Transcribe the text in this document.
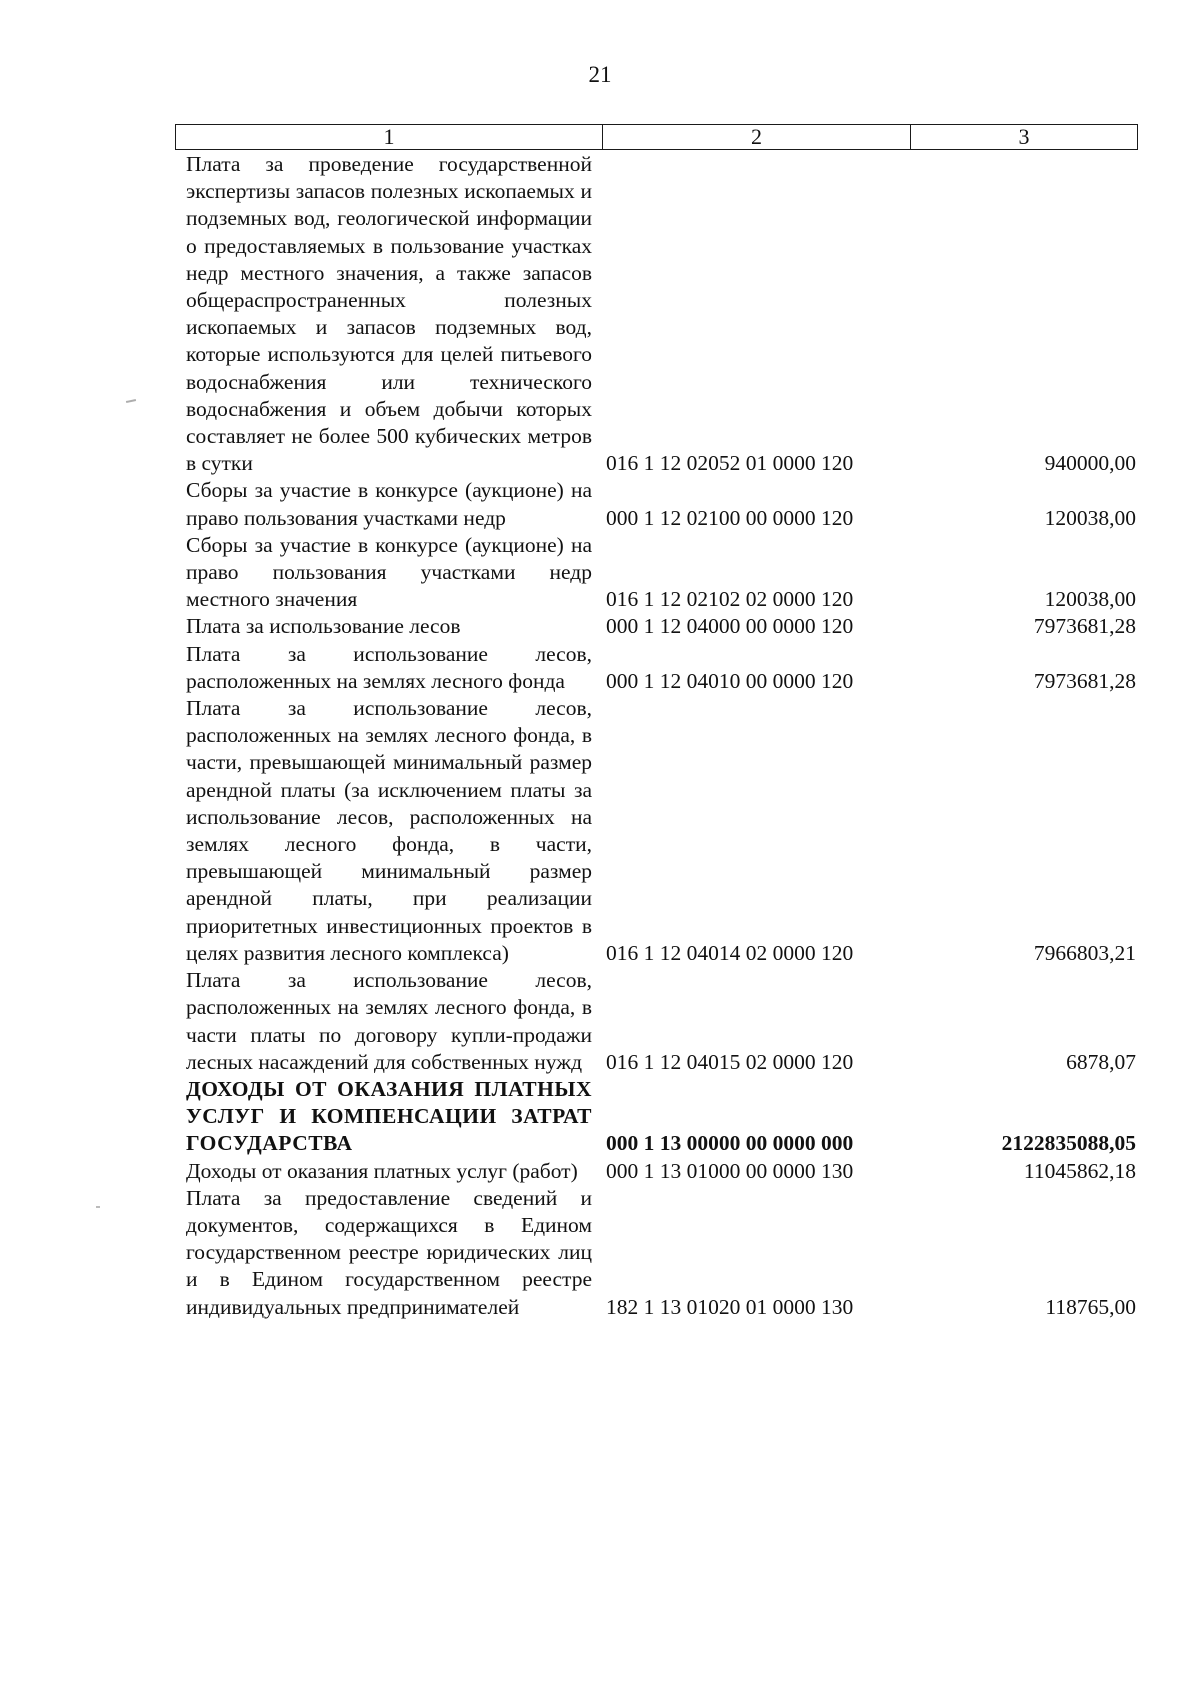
21
1	2	3
Плата за проведение государственной экспертизы запасов полезных ископаемых и подземных вод, геологической информации о предоставляемых в пользование участках недр местного значения, а также запасов общераспространенных полезных ископаемых и запасов подземных вод, которые используются для целей питьевого водоснабжения или технического водоснабжения и объем добычи которых составляет не более 500 кубических метров в сутки	016 1 12 02052 01 0000 120	940000,00
Сборы за участие в конкурсе (аукционе) на право пользования участками недр	000 1 12 02100 00 0000 120	120038,00
Сборы за участие в конкурсе (аукционе) на право пользования участками недр местного значения	016 1 12 02102 02 0000 120	120038,00
Плата за использование лесов	000 1 12 04000 00 0000 120	7973681,28
Плата за использование лесов, расположенных на землях лесного фонда	000 1 12 04010 00 0000 120	7973681,28
Плата за использование лесов, расположенных на землях лесного фонда, в части, превышающей минимальный размер арендной платы (за исключением платы за использование лесов, расположенных на землях лесного фонда, в части, превышающей минимальный размер арендной платы, при реализации приоритетных инвестиционных проектов в целях развития лесного комплекса)	016 1 12 04014 02 0000 120	7966803,21
Плата за использование лесов, расположенных на землях лесного фонда, в части платы по договору купли-продажи лесных насаждений для собственных нужд	016 1 12 04015 02 0000 120	6878,07
ДОХОДЫ ОТ ОКАЗАНИЯ ПЛАТНЫХ УСЛУГ И КОМПЕНСАЦИИ ЗАТРАТ ГОСУДАРСТВА	000 1 13 00000 00 0000 000	2122835088,05
Доходы от оказания платных услуг (работ)	000 1 13 01000 00 0000 130	11045862,18
Плата за предоставление сведений и документов, содержащихся в Едином государственном реестре юридических лиц и в Едином государственном реестре индивидуальных предпринимателей	182 1 13 01020 01 0000 130	118765,00
